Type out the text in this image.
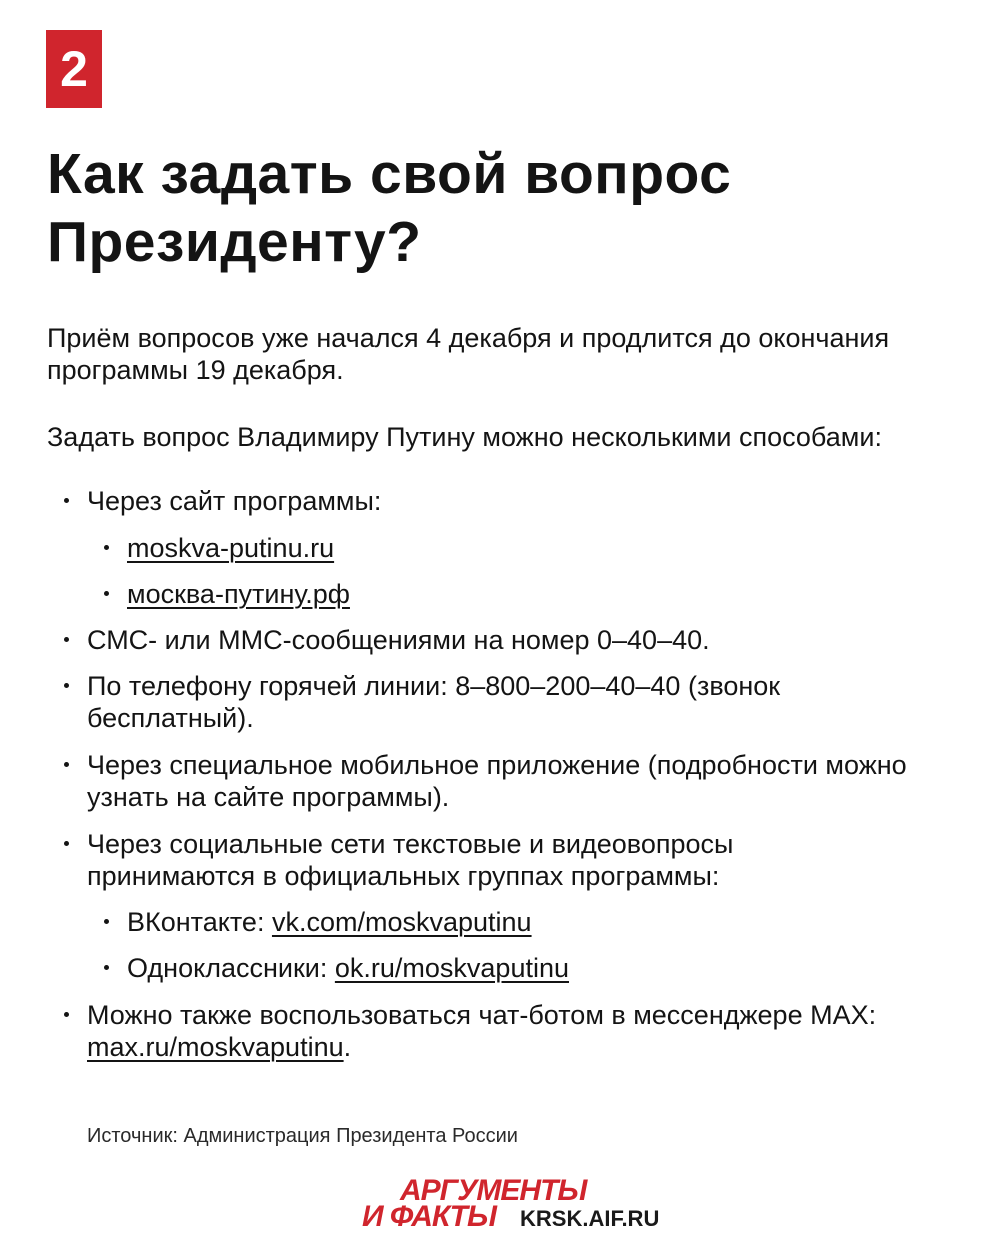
2
Как задать свой вопрос
Президенту?

Приём вопросов уже начался 4 декабря и продлится до окончания программы 19 декабря.

Задать вопрос Владимиру Путину можно несколькими способами:

Через сайт программы:
moskva-putinu.ru
москва-путину.рф
СМС- или ММС-сообщениями на номер 0–40–40.
По телефону горячей линии: 8–800–200–40–40 (звонок бесплатный).
Через специальное мобильное приложение (подробности можно узнать на сайте программы).
Через социальные сети текстовые и видеовопросы принимаются в официальных группах программы:
ВКонтакте: vk.com/moskvaputinu
Одноклассники: ok.ru/moskvaputinu
Можно также воспользоваться чат-ботом в мессенджере MAX:
max.ru/moskvaputinu.
Источник: Администрация Президента России
АРГУМЕНТЫ
И ФАКТЫ KRSK.AIF.RU
